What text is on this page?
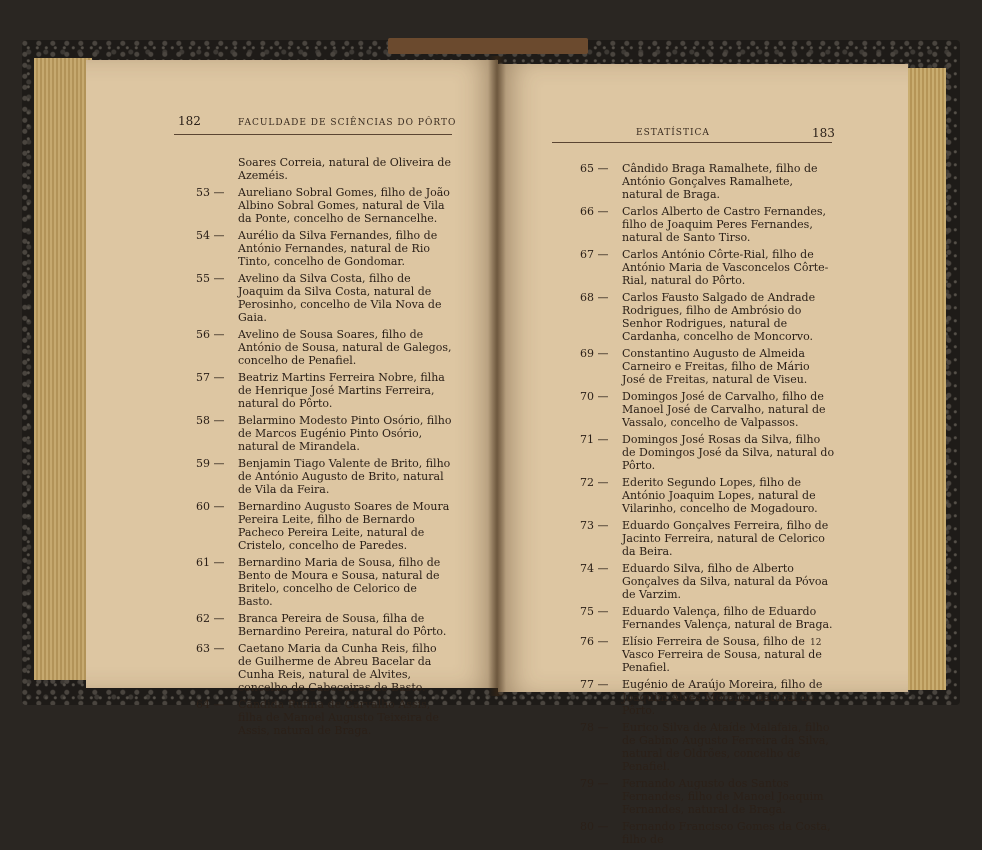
182	FACULDADE DE SCIÊNCIAS DO PÔRTO
Soares Correia, natural de Oliveira de Azeméis.
53 —	Aureliano Sobral Gomes, filho de João Albino Sobral Gomes, natural de Vila da Ponte, concelho de Sernancelhe.
54 —	Aurélio da Silva Fernandes, filho de António Fernandes, natural de Rio Tinto, concelho de Gondomar.
55 —	Avelino da Silva Costa, filho de Joaquim da Silva Costa, natural de Perosinho, concelho de Vila Nova de Gaia.
56 —	Avelino de Sousa Soares, filho de António de Sousa, natural de Galegos, concelho de Penafiel.
57 —	Beatriz Martins Ferreira Nobre, filha de Henrique José Martins Ferreira, natural do Pôrto.
58 —	Belarmino Modesto Pinto Osório, filho de Marcos Eugénio Pinto Osório, natural de Mirandela.
59 —	Benjamin Tiago Valente de Brito, filho de António Augusto de Brito, natural de Vila da Feira.
60 —	Bernardino Augusto Soares de Moura Pereira Leite, filho de Bernardo Pacheco Pereira Leite, natural de Cristelo, concelho de Paredes.
61 —	Bernardino Maria de Sousa, filho de Bento de Moura e Sousa, natural de Britelo, concelho de Celorico de Basto.
62 —	Branca Pereira de Sousa, filha de Bernardino Pereira, natural do Pôrto.
63 —	Caetano Maria da Cunha Reis, filho de Guilherme de Abreu Bacelar da Cunha Reis, natural de Alvites, concelho de Cabeceiras de Basto.
64 —	Cândida Rufina de Carvalho Assis, filha de Manoel Augusto Teixeira de Assis, natural de Braga.
ESTATÍSTICA	183
65 —	Cândido Braga Ramalhete, filho de António Gonçalves Ramalhete, natural de Braga.
66 —	Carlos Alberto de Castro Fernandes, filho de Joaquim Peres Fernandes, natural de Santo Tirso.
67 —	Carlos António Côrte-Rial, filho de António Maria de Vasconcelos Côrte-Rial, natural do Pôrto.
68 —	Carlos Fausto Salgado de Andrade Rodrigues, filho de Ambrósio do Senhor Rodrigues, natural de Cardanha, concelho de Moncorvo.
69 —	Constantino Augusto de Almeida Carneiro e Freitas, filho de Mário José de Freitas, natural de Viseu.
70 —	Domingos José de Carvalho, filho de Manoel José de Carvalho, natural de Vassalo, concelho de Valpassos.
71 —	Domingos José Rosas da Silva, filho de Domingos José da Silva, natural do Pôrto.
72 —	Ederito Segundo Lopes, filho de António Joaquim Lopes, natural de Vilarinho, concelho de Mogadouro.
73 —	Eduardo Gonçalves Ferreira, filho de Jacinto Ferreira, natural de Celorico da Beira.
74 —	Eduardo Silva, filho de Alberto Gonçalves da Silva, natural da Póvoa de Varzim.
75 —	Eduardo Valença, filho de Eduardo Fernandes Valença, natural de Braga.
76 —	Elísio Ferreira de Sousa, filho de Vasco Ferreira de Sousa, natural de Penafiel.
77 —	Eugénio de Araújo Moreira, filho de Joaquim Alves Moreira, natural do Pôrto.
78 —	Eurico Silva de Ataíde Malafaia, filho de Gabino Augusto Ferreira da Silva, natural de Oldrões, concelho de Penafiel.
79 —	Fernando Augusto dos Santos Fernandes, filho de Manoel Joaquim Fernandes, natural de Braga.
80 —	Fernando Francisco Gomes da Costa, filho de
12
